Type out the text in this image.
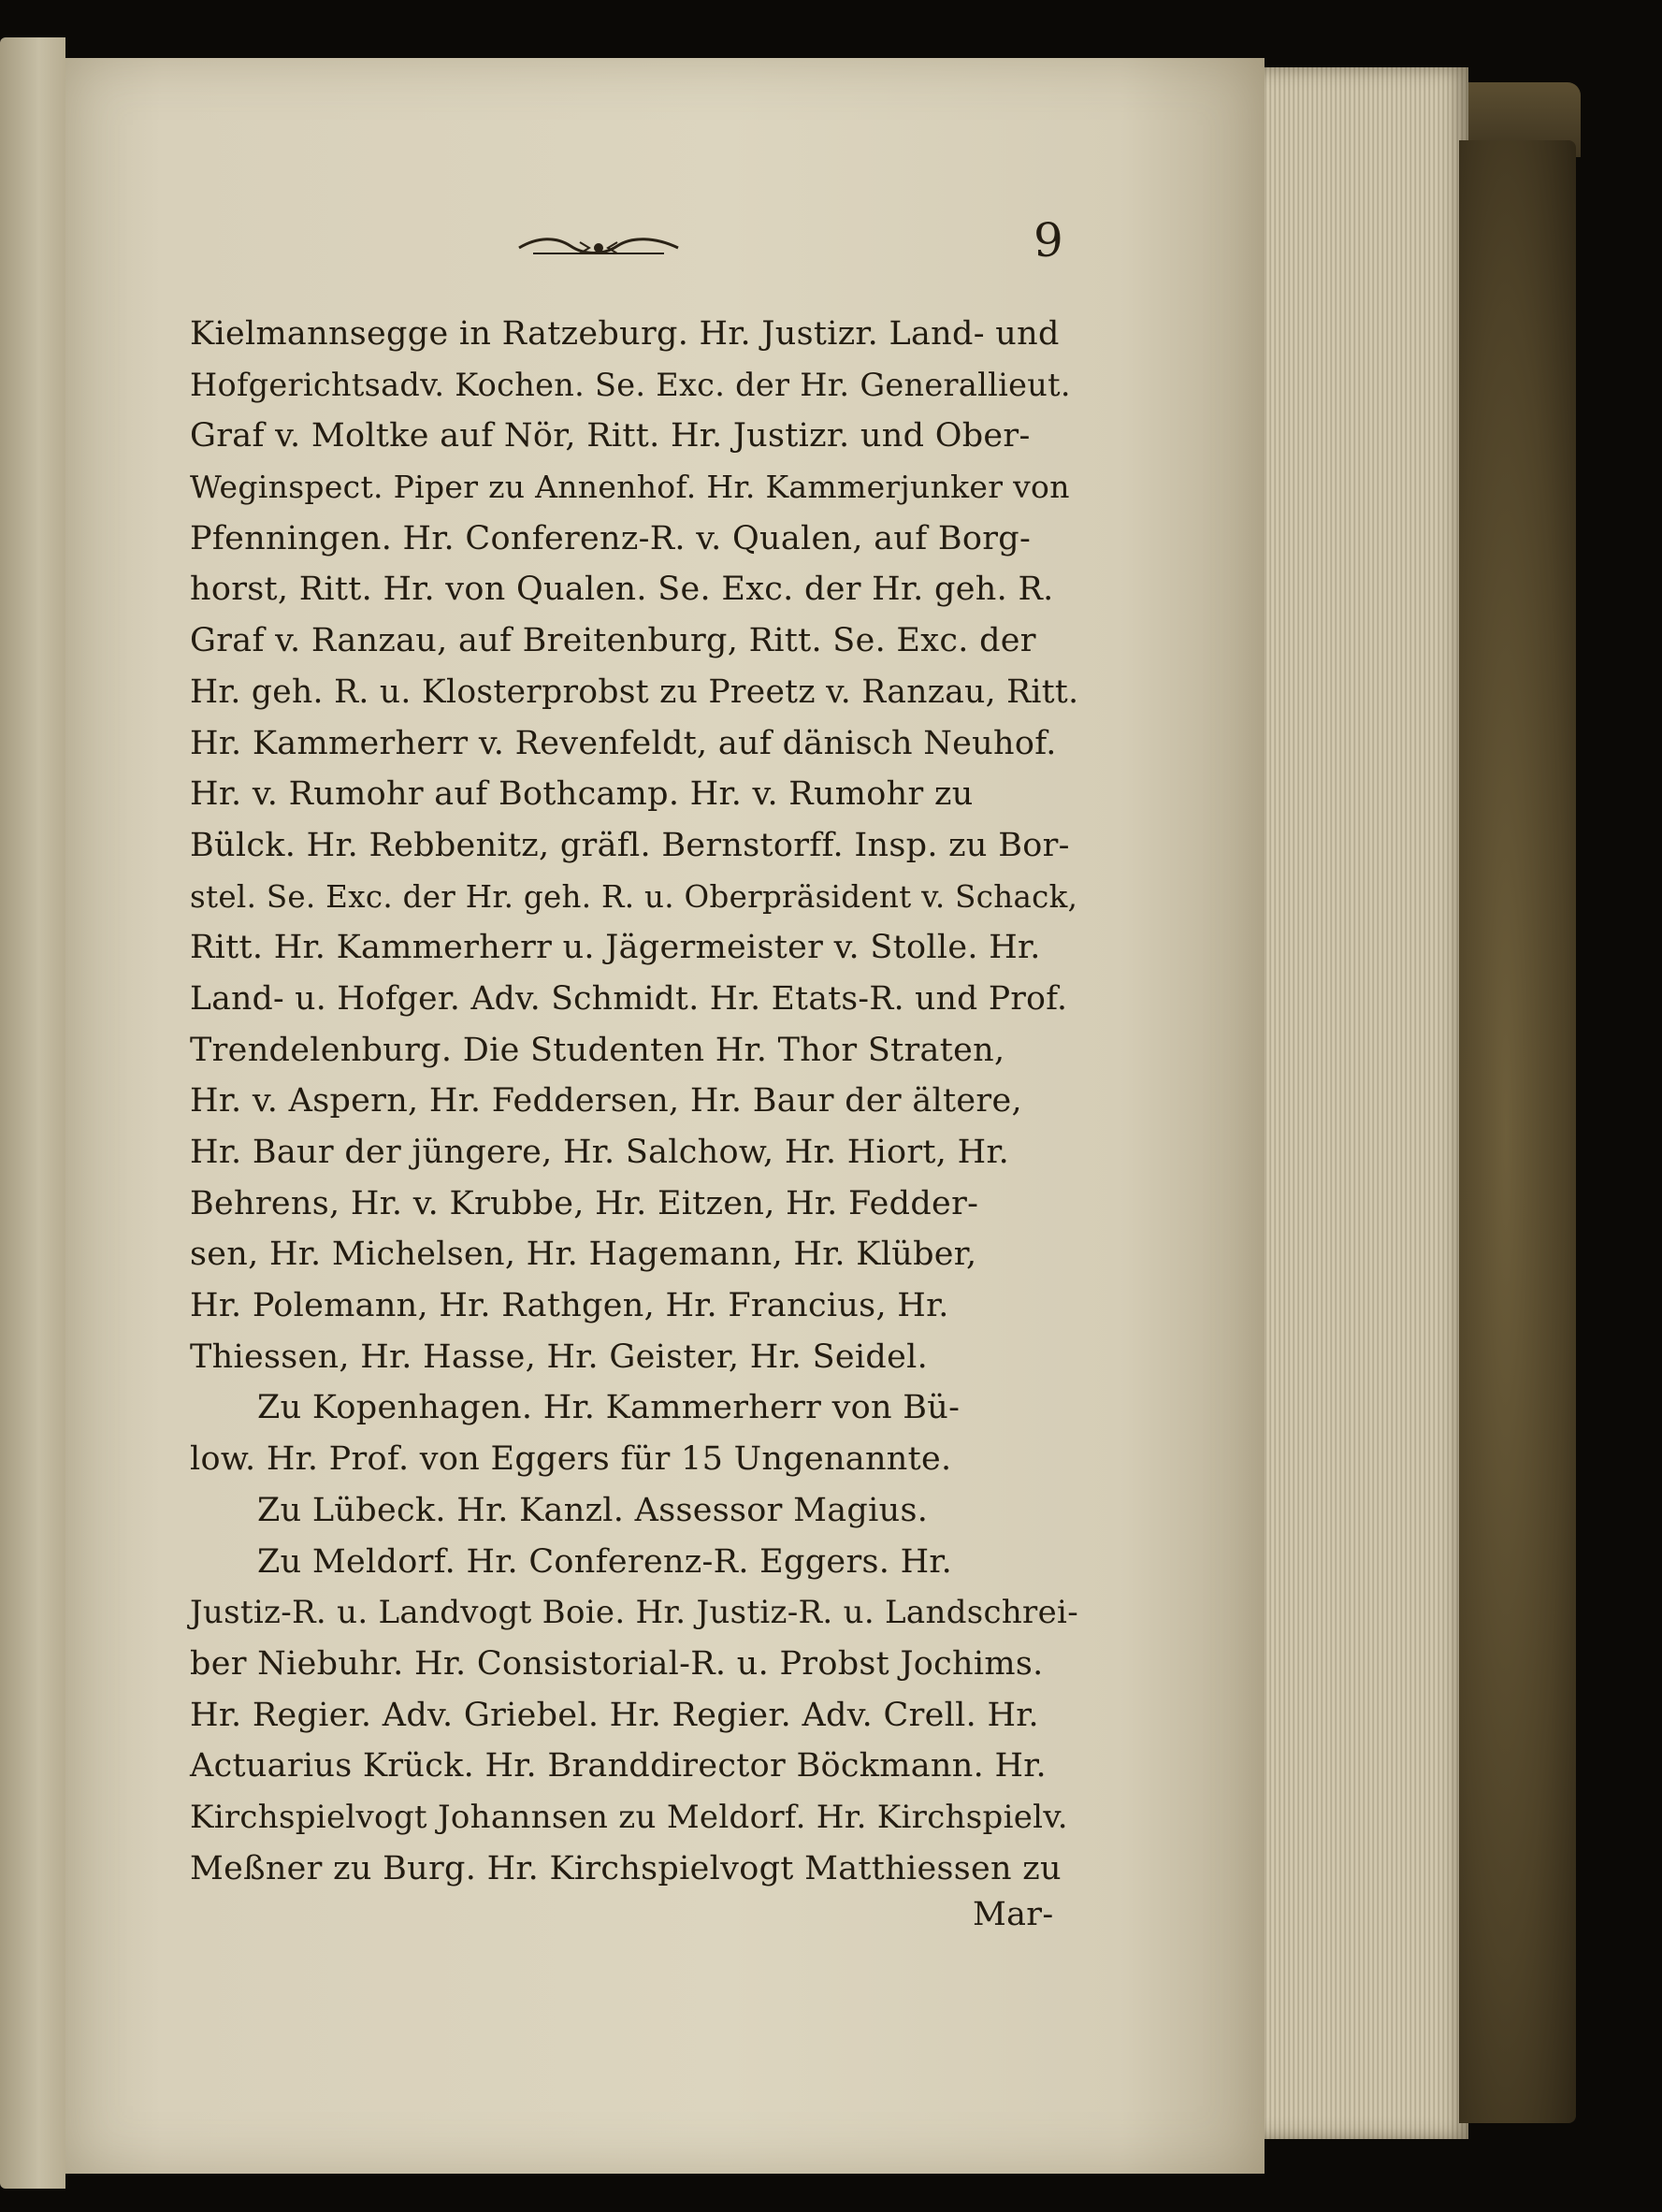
9
Kielmannsegge in Ratzeburg. Hr. Justizr. Land- und
Hofgerichtsadv. Kochen. Se. Exc. der Hr. Generallieut.
Graf v. Moltke auf Nör, Ritt. Hr. Justizr. und Ober-
Weginspect. Piper zu Annenhof. Hr. Kammerjunker von
Pfenningen. Hr. Conferenz-R. v. Qualen, auf Borg-
horst, Ritt. Hr. von Qualen. Se. Exc. der Hr. geh. R.
Graf v. Ranzau, auf Breitenburg, Ritt. Se. Exc. der
Hr. geh. R. u. Klosterprobst zu Preetz v. Ranzau, Ritt.
Hr. Kammerherr v. Revenfeldt, auf dänisch Neuhof.
Hr. v. Rumohr auf Bothcamp. Hr. v. Rumohr zu
Bülck. Hr. Rebbenitz, gräfl. Bernstorff. Insp. zu Bor-
stel. Se. Exc. der Hr. geh. R. u. Oberpräsident v. Schack,
Ritt. Hr. Kammerherr u. Jägermeister v. Stolle. Hr.
Land- u. Hofger. Adv. Schmidt. Hr. Etats-R. und Prof.
Trendelenburg. Die Studenten Hr. Thor Straten,
Hr. v. Aspern, Hr. Feddersen, Hr. Baur der ältere,
Hr. Baur der jüngere, Hr. Salchow, Hr. Hiort, Hr.
Behrens, Hr. v. Krubbe, Hr. Eitzen, Hr. Fedder-
sen, Hr. Michelsen, Hr. Hagemann, Hr. Klüber,
Hr. Polemann, Hr. Rathgen, Hr. Francius, Hr.
Thiessen, Hr. Hasse, Hr. Geister, Hr. Seidel.
Zu Kopenhagen. Hr. Kammerherr von Bü-
low. Hr. Prof. von Eggers für 15 Ungenannte.
Zu Lübeck. Hr. Kanzl. Assessor Magius.
Zu Meldorf. Hr. Conferenz-R. Eggers. Hr.
Justiz-R. u. Landvogt Boie. Hr. Justiz-R. u. Landschrei-
ber Niebuhr. Hr. Consistorial-R. u. Probst Jochims.
Hr. Regier. Adv. Griebel. Hr. Regier. Adv. Crell. Hr.
Actuarius Krück. Hr. Branddirector Böckmann. Hr.
Kirchspielvogt Johannsen zu Meldorf. Hr. Kirchspielv.
Meßner zu Burg. Hr. Kirchspielvogt Matthiessen zu
Mar-
